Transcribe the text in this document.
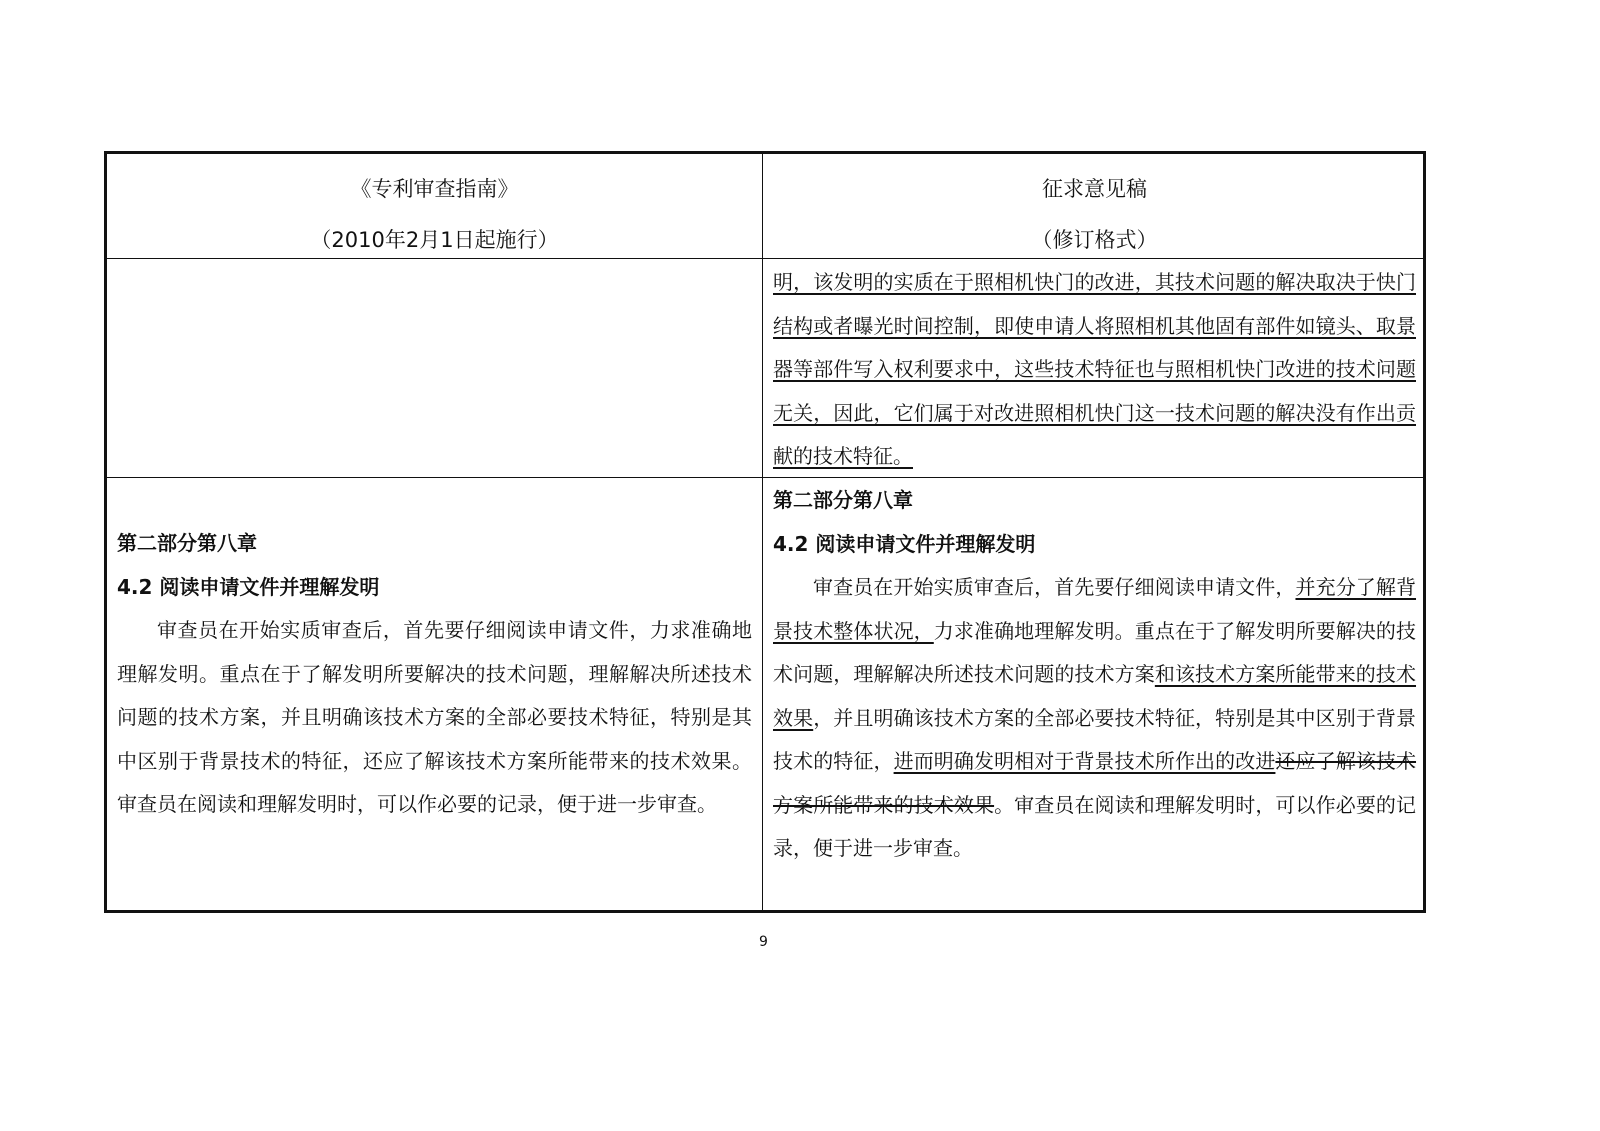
《专利审查指南》
（2010年2月1日起施行）
征求意见稿
（修订格式）
明，该发明的实质在于照相机快门的改进，其技术问题的解决取决于快门结构或者曝光时间控制，即使申请人将照相机其他固有部件如镜头、取景器等部件写入权利要求中，这些技术特征也与照相机快门改进的技术问题无关，因此，它们属于对改进照相机快门这一技术问题的解决没有作出贡献的技术特征。
第二部分第八章
4.2 阅读申请文件并理解发明
审查员在开始实质审查后，首先要仔细阅读申请文件，力求准确地理解发明。重点在于了解发明所要解决的技术问题，理解解决所述技术问题的技术方案，并且明确该技术方案的全部必要技术特征，特别是其中区别于背景技术的特征，还应了解该技术方案所能带来的技术效果。审查员在阅读和理解发明时，可以作必要的记录，便于进一步审查。
第二部分第八章
4.2 阅读申请文件并理解发明
审查员在开始实质审查后，首先要仔细阅读申请文件，并充分了解背景技术整体状况，力求准确地理解发明。重点在于了解发明所要解决的技术问题，理解解决所述技术问题的技术方案和该技术方案所能带来的技术效果，并且明确该技术方案的全部必要技术特征，特别是其中区别于背景技术的特征，进而明确发明相对于背景技术所作出的改进还应了解该技术方案所能带来的技术效果。审查员在阅读和理解发明时，可以作必要的记录，便于进一步审查。
9
